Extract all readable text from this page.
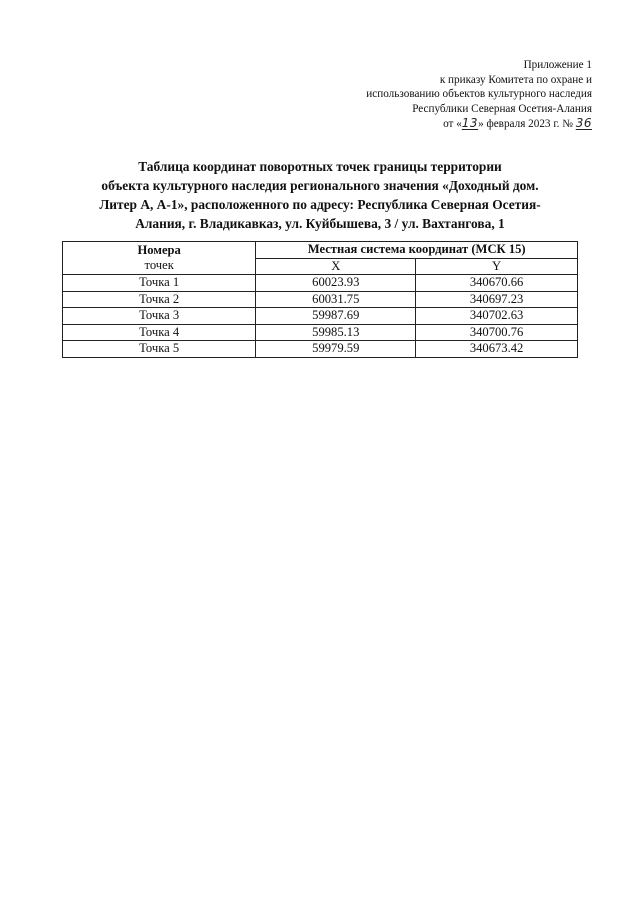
Приложение 1
к приказу Комитета по охране и
использованию объектов культурного наследия
Республики Северная Осетия-Алания
от «13» февраля 2023 г. № 36
Таблица координат поворотных точек границы территории
объекта культурного наследия регионального значения «Доходный дом.
Литер А, А-1», расположенного по адресу: Республика Северная Осетия-
Алания, г. Владикавказ, ул. Куйбышева, 3 / ул. Вахтангова, 1
Номера
точек	Местная система координат (МСК 15)	
	X	Y
Точка 1	60023.93	340670.66
Точка 2	60031.75	340697.23
Точка 3	59987.69	340702.63
Точка 4	59985.13	340700.76
Точка 5	59979.59	340673.42
